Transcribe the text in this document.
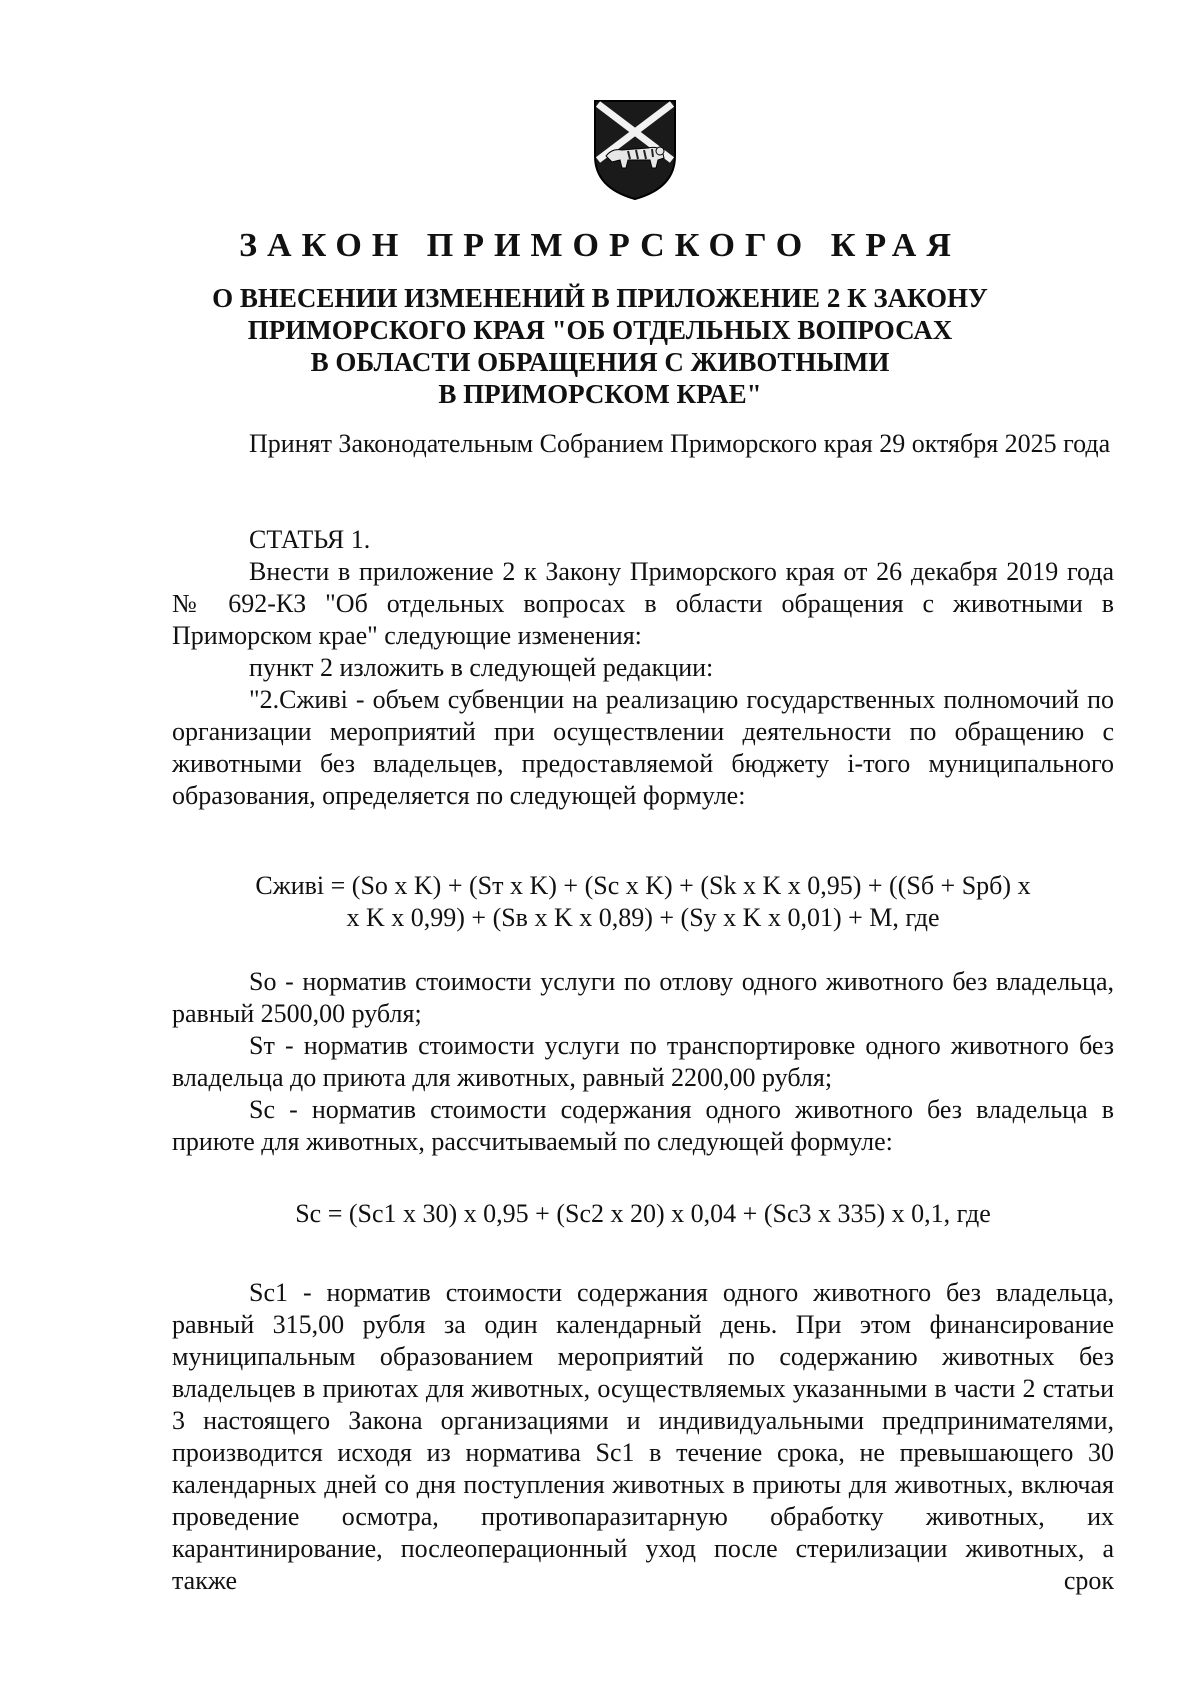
ЗАКОН ПРИМОРСКОГО КРАЯ
О ВНЕСЕНИИ ИЗМЕНЕНИЙ В ПРИЛОЖЕНИЕ 2 К ЗАКОНУ
ПРИМОРСКОГО КРАЯ "ОБ ОТДЕЛЬНЫХ ВОПРОСАХ
В ОБЛАСТИ ОБРАЩЕНИЯ С ЖИВОТНЫМИ
В ПРИМОРСКОМ КРАЕ"

Принят Законодательным Собранием Приморского края 29 октября 2025 года

СТАТЬЯ 1.

Внести в приложение 2 к Закону Приморского края от 26 декабря 2019 года № 692-КЗ "Об отдельных вопросах в области обращения с животными в Приморском крае" следующие изменения:

пункт 2 изложить в следующей редакции:

"2.Сживi - объем субвенции на реализацию государственных полномочий по организации мероприятий при осуществлении деятельности по обращению с животными без владельцев, предоставляемой бюджету i-того муниципального образования, определяется по следующей формуле:

Сживi = (So x K) + (Sт x K) + (Sc x K) + (Sk x K x 0,95) + ((Sб + Sрб) x
x K x 0,99) + (Sв x K x 0,89) + (Sy x K x 0,01) + M, где

So - норматив стоимости услуги по отлову одного животного без владельца, равный 2500,00 рубля;

Sт - норматив стоимости услуги по транспортировке одного животного без владельца до приюта для животных, равный 2200,00 рубля;

Sc - норматив стоимости содержания одного животного без владельца в приюте для животных, рассчитываемый по следующей формуле:

Sc = (Sc1 x 30) x 0,95 + (Sc2 x 20) x 0,04 + (Sc3 x 335) x 0,1, где

Sc1 - норматив стоимости содержания одного животного без владельца, равный 315,00 рубля за один календарный день. При этом финансирование муниципальным образованием мероприятий по содержанию животных без владельцев в приютах для животных, осуществляемых указанными в части 2 статьи 3 настоящего Закона организациями и индивидуальными предпринимателями, производится исходя из норматива Sc1 в течение срока, не превышающего 30 календарных дней со дня поступления животных в приюты для животных, включая проведение осмотра, противопаразитарную обработку животных, их карантинирование, послеоперационный уход после стерилизации животных, а также срок
